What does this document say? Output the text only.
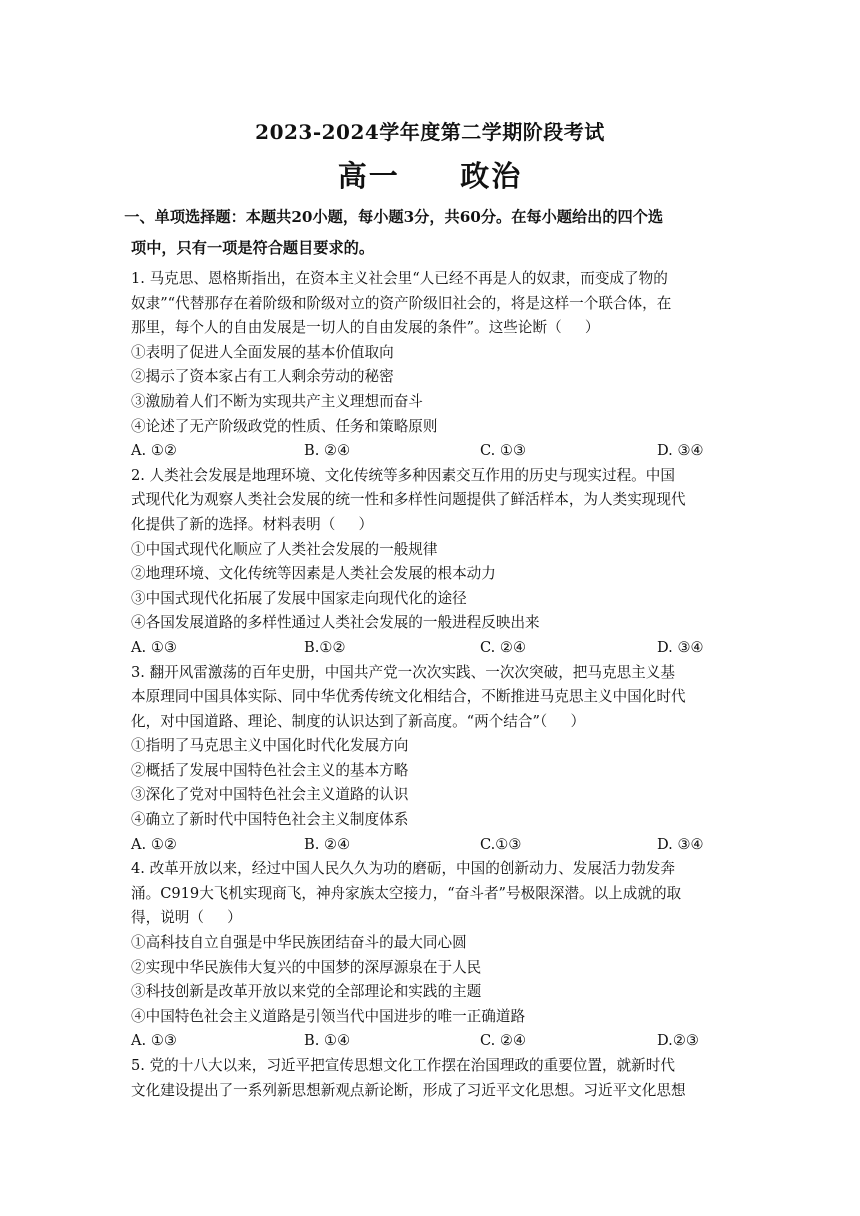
2023-2024学年度第二学期阶段考试
高一     政治
一、单项选择题：本题共20小题，每小题3分，共60分。在每小题给出的四个选
项中，只有一项是符合题目要求的。
1. 马克思、恩格斯指出，在资本主义社会里“人已经不再是人的奴隶，而变成了物的
奴隶”“代替那存在着阶级和阶级对立的资产阶级旧社会的，将是这样一个联合体，在
那里，每个人的自由发展是一切人的自由发展的条件”。这些论断（     ）
①表明了促进人全面发展的基本价值取向
②揭示了资本家占有工人剩余劳动的秘密
③激励着人们不断为实现共产主义理想而奋斗
④论述了无产阶级政党的性质、任务和策略原则
A. ①②	B. ②④	C. ①③	D. ③④
2. 人类社会发展是地理环境、文化传统等多种因素交互作用的历史与现实过程。中国
式现代化为观察人类社会发展的统一性和多样性问题提供了鲜活样本，为人类实现现代
化提供了新的选择。材料表明（     ）
①中国式现代化顺应了人类社会发展的一般规律
②地理环境、文化传统等因素是人类社会发展的根本动力
③中国式现代化拓展了发展中国家走向现代化的途径
④各国发展道路的多样性通过人类社会发展的一般进程反映出来
A. ①③	B.①②	C. ②④	D. ③④
3. 翻开风雷激荡的百年史册，中国共产党一次次实践、一次次突破，把马克思主义基
本原理同中国具体实际、同中华优秀传统文化相结合，不断推进马克思主义中国化时代
化，对中国道路、理论、制度的认识达到了新高度。“两个结合”（     ）
①指明了马克思主义中国化时代化发展方向
②概括了发展中国特色社会主义的基本方略
③深化了党对中国特色社会主义道路的认识
④确立了新时代中国特色社会主义制度体系
A. ①②	B. ②④	C.①③	D. ③④
4. 改革开放以来，经过中国人民久久为功的磨砺，中国的创新动力、发展活力勃发奔
涌。C919大飞机实现商飞，神舟家族太空接力，“奋斗者”号极限深潜。以上成就的取
得，说明（     ）
①高科技自立自强是中华民族团结奋斗的最大同心圆
②实现中华民族伟大复兴的中国梦的深厚源泉在于人民
③科技创新是改革开放以来党的全部理论和实践的主题
④中国特色社会主义道路是引领当代中国进步的唯一正确道路
A. ①③	B. ①④	C. ②④	D.②③
5. 党的十八大以来，习近平把宣传思想文化工作摆在治国理政的重要位置，就新时代
文化建设提出了一系列新思想新观点新论断，形成了习近平文化思想。习近平文化思想
